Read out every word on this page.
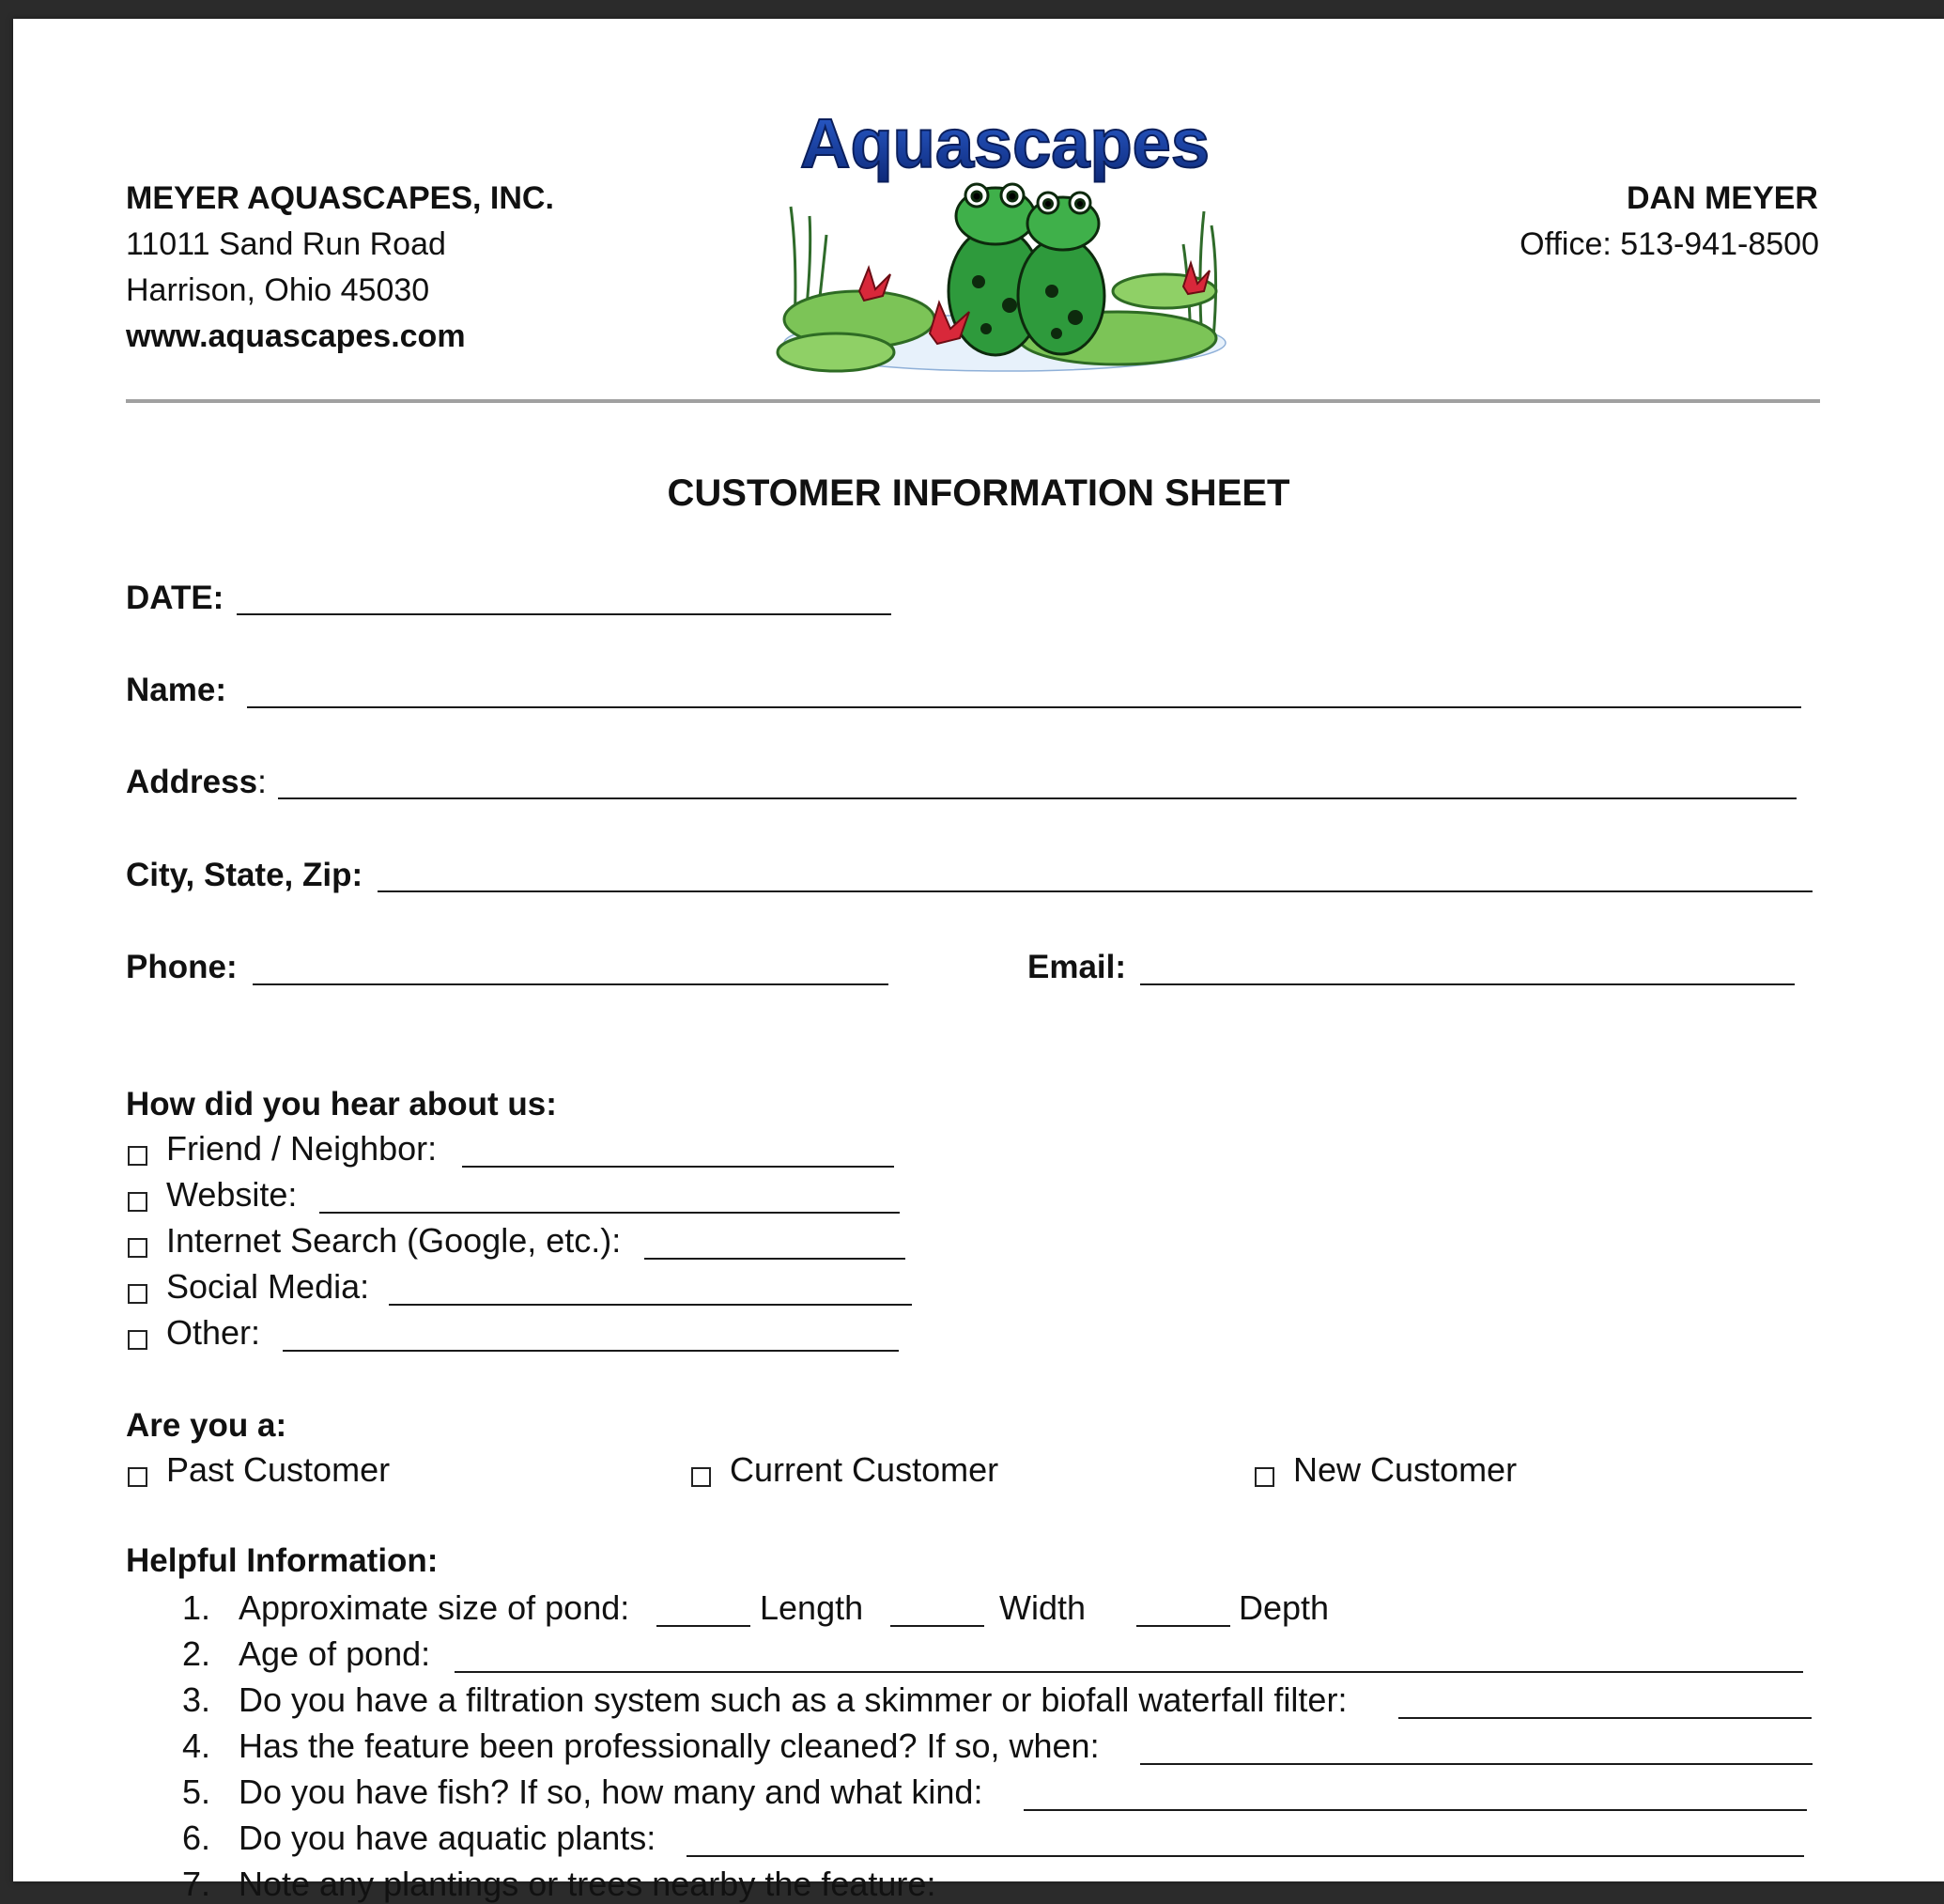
MEYER AQUASCAPES, INC.
11011 Sand Run Road
Harrison, Ohio 45030
www.aquascapes.com
DAN MEYER
Office: 513-941-8500
Aquascapes
CUSTOMER INFORMATION SHEET
DATE:
Name:
Address:
City, State, Zip:
Phone:	Email:
How did you hear about us:
Friend / Neighbor:
Website:
Internet Search (Google, etc.):
Social Media:
Other:
Are you a:
Past Customer	Current Customer	New Customer
Helpful Information:
1. Approximate size of pond:	Length	Width	Depth
2. Age of pond:
3. Do you have a filtration system such as a skimmer or biofall waterfall filter:
4. Has the feature been professionally cleaned? If so, when:
5. Do you have fish? If so, how many and what kind:
6. Do you have aquatic plants:
7. Note any plantings or trees nearby the feature:
